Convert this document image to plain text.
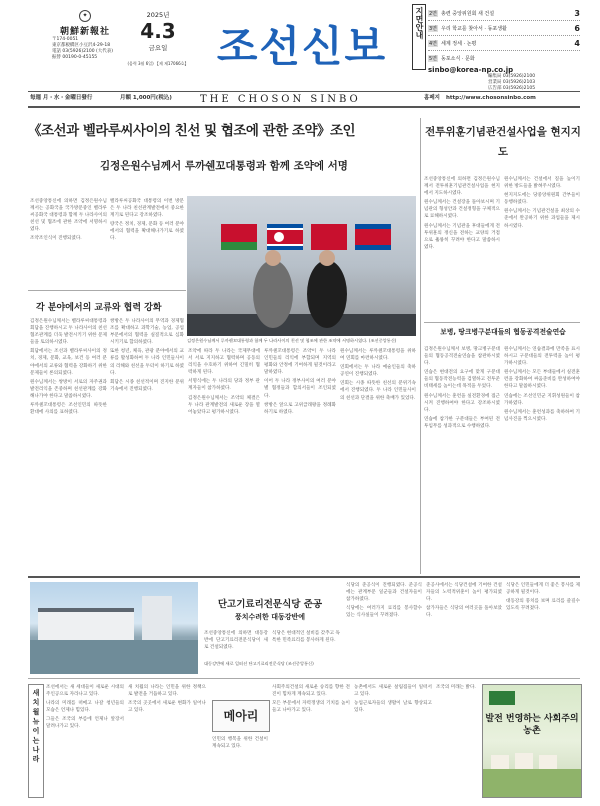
✦
朝鮮新報社
〒174-0051
東京都板橋区小豆沢4-29-18
電話 03(5926)2100 (大代表)
振替 00190-0-45155
2025년
4.3
금요일
(음력 3월 6일) 【제 제17066호】 조선신보	지면안내 2면 총련 중앙위원회 새 건설	3
3면 우리 학교를 찾아서 · 동포생활	6
4면 세계 정세 · 논평	4
5면 동포소식 · 문화
sinbo@korea-np.co.jp
編集局 03(5926)2100
営業局 03(5926)2103
広告部 03(5926)2105
每週 月・水・金曜日發行	月額 1,000円(税込)	THE CHOSON SINBO	홈페지 http://www.chosonsinbo.com
《조선과 벨라루씨사이의 친선 및 협조에 관한 조약》조인
김정은원수님께서 루까쉔꼬대통령과 함께 조약에 서명

조선중앙통신에 의하면 김정은원수님께서는 공화국을 국가방문중인 벨라루씨공화국 대통령과 함께 두 나라사이의 친선 및 협조에 관한 조약에 서명하시였다.

조약조인식이 진행되였다.

벨라루씨공화국 대통령의 이번 방문은 두 나라 친선관계발전에서 중요한 계기로 된다고 강조하였다.

량국은 정치, 경제, 문화 등 여러 분야에서의 협력을 확대해나가기로 하였다.

김정은원수님께서 루까쉔꼬대통령과 함께 두 나라사이의 친선 및 협조에 관한 조약에 서명하시였다. (조선중앙통신)
각 분야에서의 교류와 협력 강화

김정은원수님께서는 벨라루씨대통령과 회담을 진행하시고 두 나라사이의 친선협조관계를 더욱 발전시키기 위한 문제들을 토의하시였다.

회담에서는 조선과 벨라루씨사이의 정치, 경제, 문화, 교육, 보건 등 여러 분야에서의 교류와 협력을 강화하기 위한 문제들이 론의되였다.

원수님께서는 쌍방이 서로의 자주권과 발전리익을 존중하며 친선관계를 강화해나가야 한다고 말씀하시였다.

루까쉔꼬대통령은 조선인민의 따뜻한 환대에 사의를 표하였다.

쌍방은 두 나라사이의 무역과 경제협조를 확대하고 과학기술, 농업, 공업 부문에서의 협력을 실질적으로 심화시키기로 합의하였다.

또한 청년, 체육, 관광 분야에서의 교류를 활성화하여 두 나라 인민들사이의 리해와 친선을 두터이 하기로 하였다.

회담은 시종 친선적이며 진지한 분위기속에서 진행되였다.

조약에 따라 두 나라는 국제무대에서 서로 지지하고 협력하며 공동의 리익을 수호하기 위하여 긴밀히 협력하게 된다.

서명식에는 두 나라의 당과 정부 관계자들이 참가하였다.

김정은원수님께서는 조약의 체결은 두 나라 관계발전의 새로운 장을 열어놓았다고 평가하시였다.

루까쉔꼬대통령은 조약이 두 나라 인민들의 리익에 부합되며 지역의 평화와 안정에 기여하게 될것이라고 말하였다.

이어 두 나라 정부사이의 여러 분야별 협정들과 합의서들이 조인되였다.

쌍방은 앞으로 고위급래왕을 정례화하기로 하였다.

원수님께서는 루까쉔꼬대통령을 위하여 연회를 마련하시였다.

연회에서는 두 나라 예술인들의 축하공연이 진행되였다.

연회는 시종 따뜻한 친선의 분위기속에서 진행되였다. 두 나라 인민들사이의 친선과 단결을 위한 축배가 있었다.

전투위훈기념관건설사업을 현지지도

조선중앙통신에 의하면 김정은원수님께서 전투위훈기념관건설사업을 현지에서 지도하시였다.

원수님께서는 건설장을 돌아보시며 기념관의 형성안과 건설정형을 구체적으로 료해하시였다.

원수님께서는 기념관을 후대들에게 전투위훈의 정신을 전하는 교양의 거점으로 훌륭히 꾸려야 한다고 말씀하시였다.

원수님께서는 건설에서 질을 높이기 위한 방도들을 밝혀주시였다.

현지지도에는 당중앙위원회 간부들이 동행하였다.

원수님께서는 기념관건설을 최상의 수준에서 완공하기 위한 과업들을 제시하시였다.

보병, 땅크병구분대들의 협동공격전술연습

김정은원수님께서 보병, 땅크병구분대들의 협동공격전술연습을 참관하시였다.

연습은 현대전의 요구에 맞게 구분대들의 협동작전능력을 검열하고 전투준비태세를 높이는데 목적을 두었다.

원수님께서는 훈련을 실전환경에 접근시켜 진행하여야 한다고 강조하시였다.

연습에 참가한 구분대들은 부여된 전투임무를 성과적으로 수행하였다.

원수님께서는 연습결과에 만족을 표시하시고 구분대들의 전투력을 높이 평가하시였다.

원수님께서는 모든 부대들에서 실전훈련을 강화하여 싸움준비를 완성하여야 한다고 말씀하시였다.

연습에는 조선인민군 지휘성원들이 참가하였다.

원수님께서는 훈련성과를 축하하여 기념사진을 찍으시였다.

단고기료리전문식당 준공
풍치수려한 대동강반에

조선중앙통신에 의하면 대동강반에 단고기료리전문식당이 새로 건설되였다.

식당은 현대적인 설비를 갖추고 독특한 민족료리를 봉사하게 된다.

대동강반에 새로 일떠선 단고기료리전문식당 (조선중앙통신)

식당의 준공식이 진행되였다. 준공식에는 관계부문 일군들과 건설자들이 참가하였다.

식당에는 여러가지 료리를 봉사할수 있는 식사실들이 꾸려졌다.

준공사에서는 식당건설에 기여한 건설자들의 노력적위훈이 높이 평가되였다.

참가자들은 식당의 여러곳을 돌아보았다.

식당은 인민들에게 더 좋은 봉사를 제공하게 될것이다.

대동강의 풍치를 보며 료리를 즐길수 있도록 꾸려졌다.

새 치 월 뉴 이 는 나 라

조선에서는 새 세대들이 새로운 시대의 주인공으로 자라나고 있다.

나라의 미래를 떠메고 나갈 청년들의 모습은 언제나 힘있다.

그들은 조국의 부름에 언제나 앞장서 달려나가고 있다.

새 치월의 나라는 인민을 위한 정책으로 발전을 거듭하고 있다.

조국의 곳곳에서 새로운 변화가 일어나고 있다.	메아리

인민의 행복을 위한 건설이 계속되고 있다.

사회주의건설의 새로운 승리를 향한 전진이 힘차게 계속되고 있다.

모든 부문에서 자력갱생의 기치를 높이 들고 나아가고 있다.

농촌에서도 새로운 살림집들이 일떠서고 있다.

농업근로자들의 생활이 날로 향상되고 있다.

조국의 미래는 밝다.

발전 번영하는 사회주의농촌
